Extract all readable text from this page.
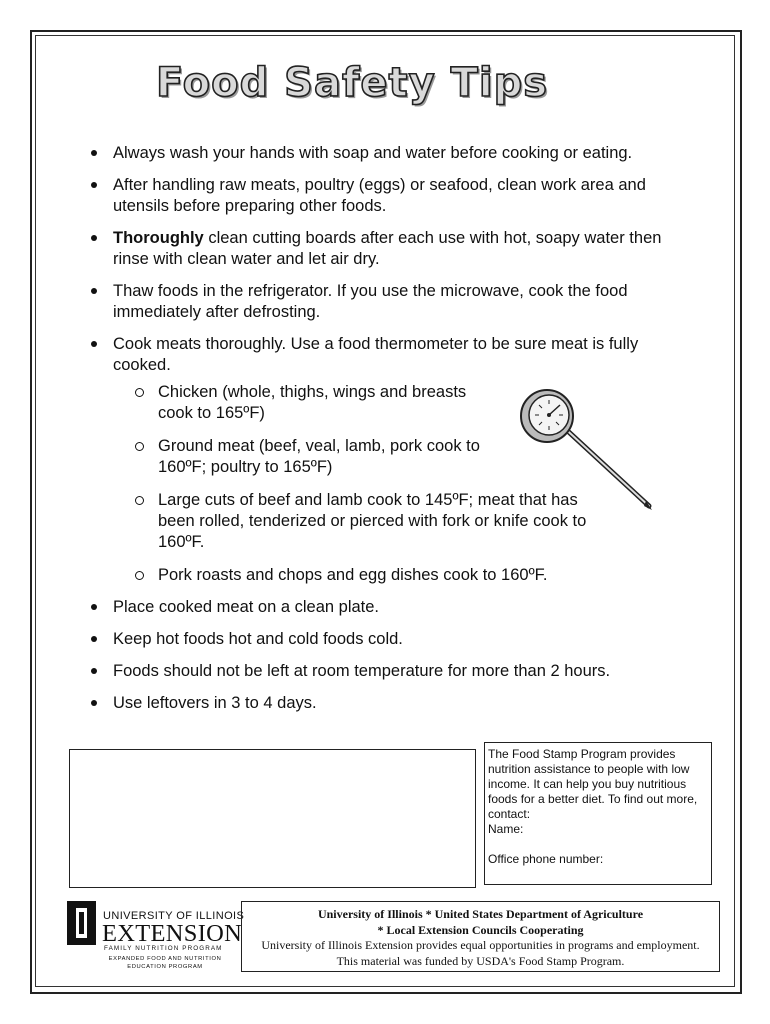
Food Safety Tips
Always wash your hands with soap and water before cooking or eating.
After handling raw meats, poultry (eggs) or seafood, clean work area and utensils before preparing other foods.
Thoroughly clean cutting boards after each use with hot, soapy water then rinse with clean water and let air dry.
Thaw foods in the refrigerator. If you use the microwave, cook the food immediately after defrosting.
Cook meats thoroughly. Use a food thermometer to be sure meat is fully cooked.
Chicken (whole, thighs, wings and breasts cook to 165ºF)
Ground meat (beef, veal, lamb, pork cook to 160ºF; poultry to 165ºF)
Large cuts of beef and lamb cook to 145ºF; meat that has been rolled, tenderized or pierced with fork or knife cook to 160ºF.
Pork roasts and chops and egg dishes cook to 160ºF.
Place cooked meat on a clean plate.
Keep hot foods hot and cold foods cold.
Foods should not be left at room temperature for more than 2 hours.
Use leftovers in 3 to 4 days.
The Food Stamp Program provides nutrition assistance to people with low income. It can help you buy nutritious foods for a better diet. To find out more, contact:
Name:
Office phone number:
UNIVERSITY OF ILLINOIS
EXTENSION
FAMILY NUTRITION PROGRAM
EXPANDED FOOD AND NUTRITION EDUCATION PROGRAM
University of Illinois * United States Department of Agriculture
* Local Extension Councils Cooperating
University of Illinois Extension provides equal opportunities in programs and employment.
This material was funded by USDA's Food Stamp Program.
